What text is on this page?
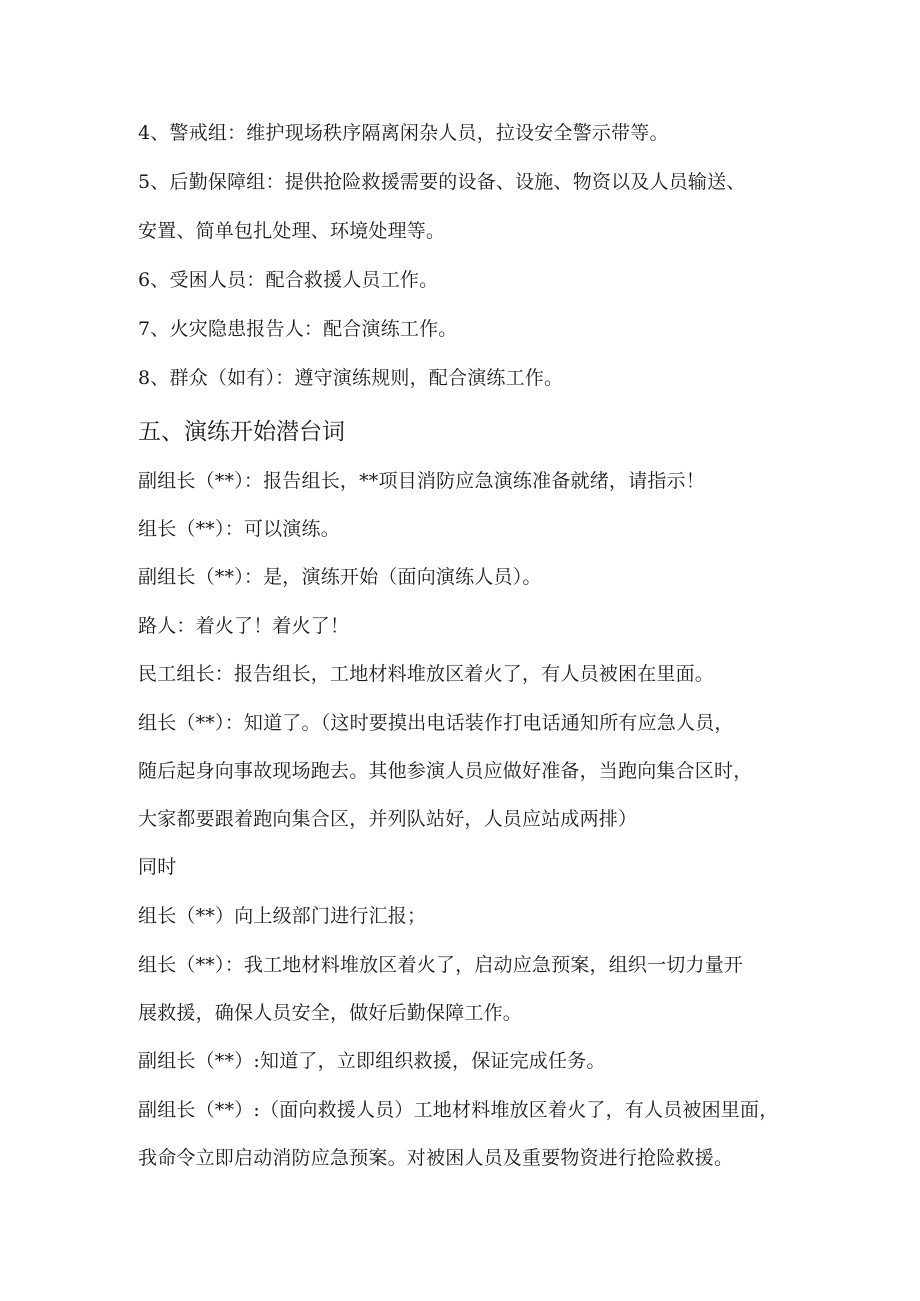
4、警戒组：维护现场秩序隔离闲杂人员，拉设安全警示带等。
5、后勤保障组：提供抢险救援需要的设备、设施、物资以及人员输送、
安置、简单包扎处理、环境处理等。
6、受困人员：配合救援人员工作。
7、火灾隐患报告人：配合演练工作。
8、群众（如有）：遵守演练规则，配合演练工作。
五、演练开始潜台词
副组长（**）：报告组长，**项目消防应急演练准备就绪，请指示！
组长（**）：可以演练。
副组长（**）：是，演练开始（面向演练人员）。
路人：着火了！着火了！
民工组长：报告组长，工地材料堆放区着火了，有人员被困在里面。
组长（**）：知道了。（这时要摸出电话装作打电话通知所有应急人员，
随后起身向事故现场跑去。其他参演人员应做好准备，当跑向集合区时，
大家都要跟着跑向集合区，并列队站好，人员应站成两排）
同时
组长（**）向上级部门进行汇报；
组长（**）：我工地材料堆放区着火了，启动应急预案，组织一切力量开
展救援，确保人员安全，做好后勤保障工作。
副组长（**）:知道了，立即组织救援，保证完成任务。
副组长（**）:（面向救援人员）工地材料堆放区着火了，有人员被困里面，
我命令立即启动消防应急预案。对被困人员及重要物资进行抢险救援。
